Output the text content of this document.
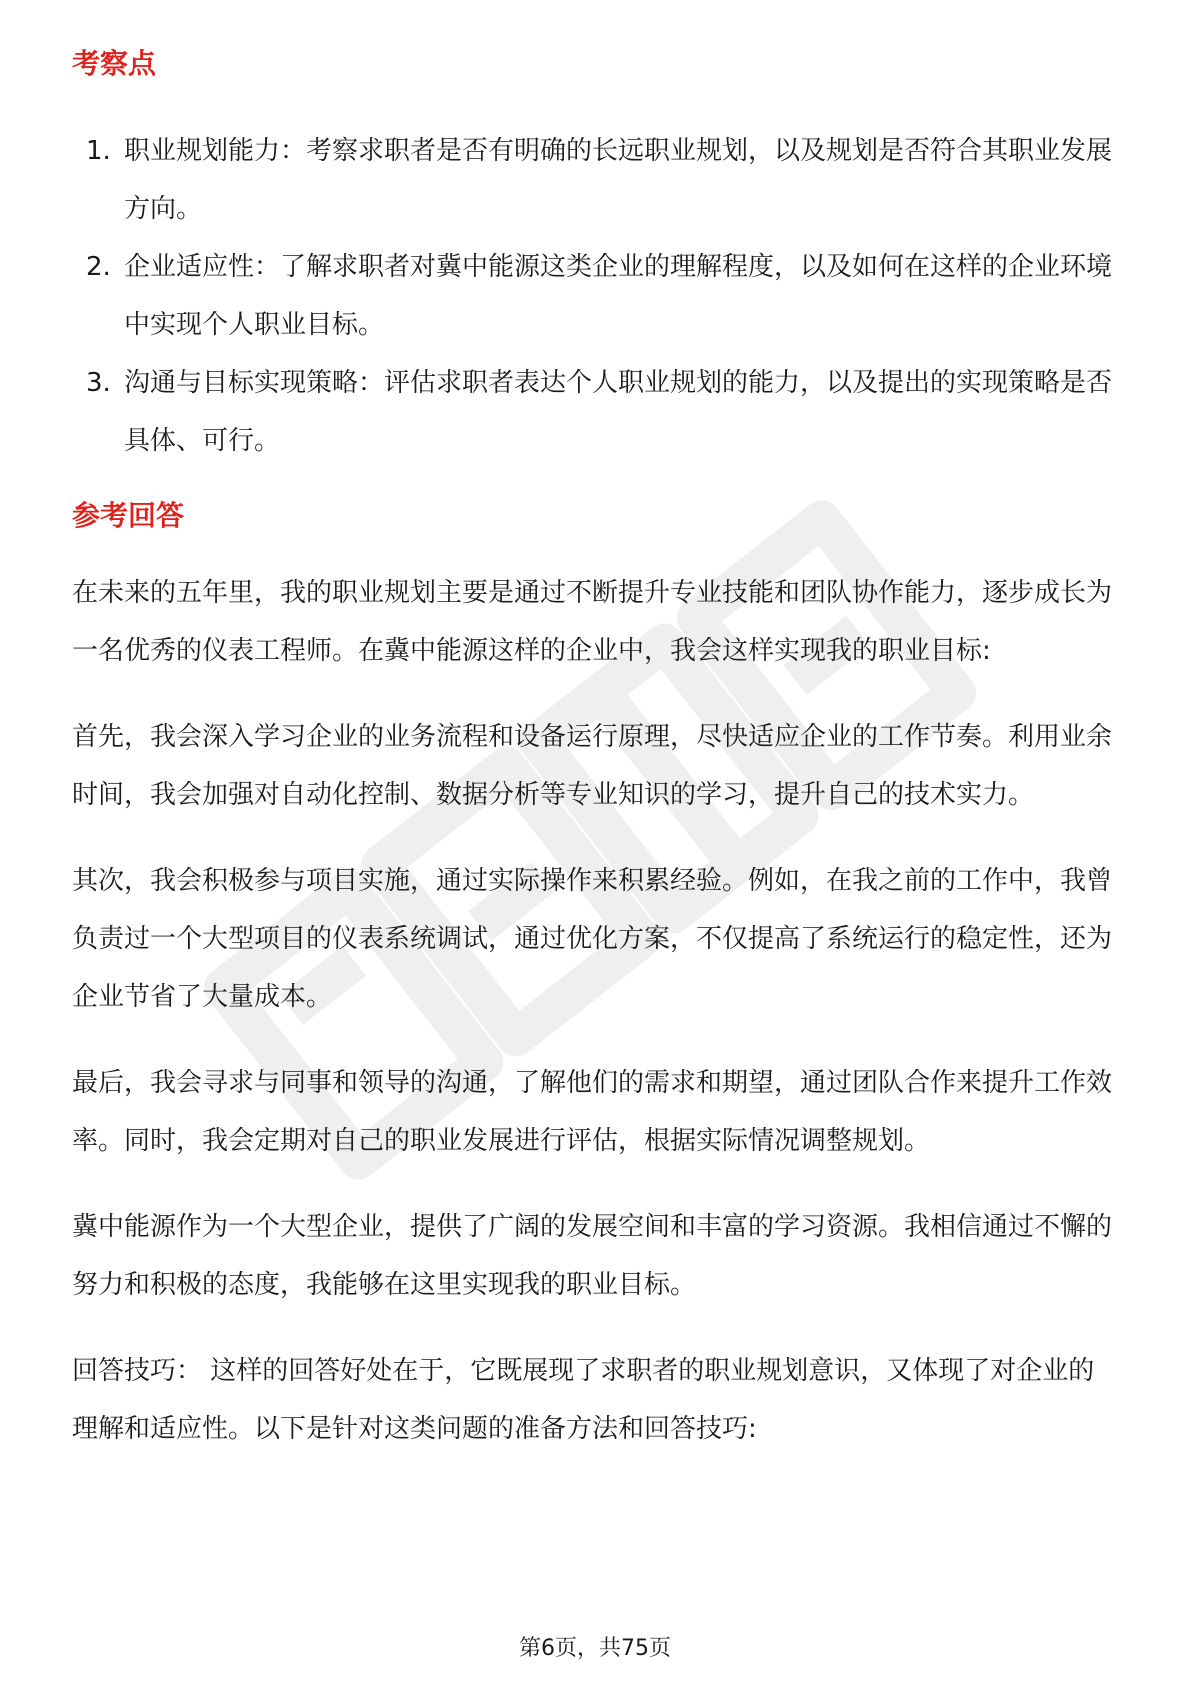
考察点
1. 职业规划能力：考察求职者是否有明确的长远职业规划，以及规划是否符合其职业发展方向。
2. 企业适应性：了解求职者对冀中能源这类企业的理解程度，以及如何在这样的企业环境中实现个人职业目标。
3. 沟通与目标实现策略：评估求职者表达个人职业规划的能力，以及提出的实现策略是否具体、可行。
参考回答

在未来的五年里，我的职业规划主要是通过不断提升专业技能和团队协作能力，逐步成长为一名优秀的仪表工程师。在冀中能源这样的企业中，我会这样实现我的职业目标:

首先，我会深入学习企业的业务流程和设备运行原理，尽快适应企业的工作节奏。利用业余时间，我会加强对自动化控制、数据分析等专业知识的学习，提升自己的技术实力。

其次，我会积极参与项目实施，通过实际操作来积累经验。例如，在我之前的工作中，我曾负责过一个大型项目的仪表系统调试，通过优化方案，不仅提高了系统运行的稳定性，还为企业节省了大量成本。

最后，我会寻求与同事和领导的沟通，了解他们的需求和期望，通过团队合作来提升工作效率。同时，我会定期对自己的职业发展进行评估，根据实际情况调整规划。

冀中能源作为一个大型企业，提供了广阔的发展空间和丰富的学习资源。我相信通过不懈的努力和积极的态度，我能够在这里实现我的职业目标。

回答技巧： 这样的回答好处在于，它既展现了求职者的职业规划意识，又体现了对企业的理解和适应性。以下是针对这类问题的准备方法和回答技巧:

第6页，共75页
